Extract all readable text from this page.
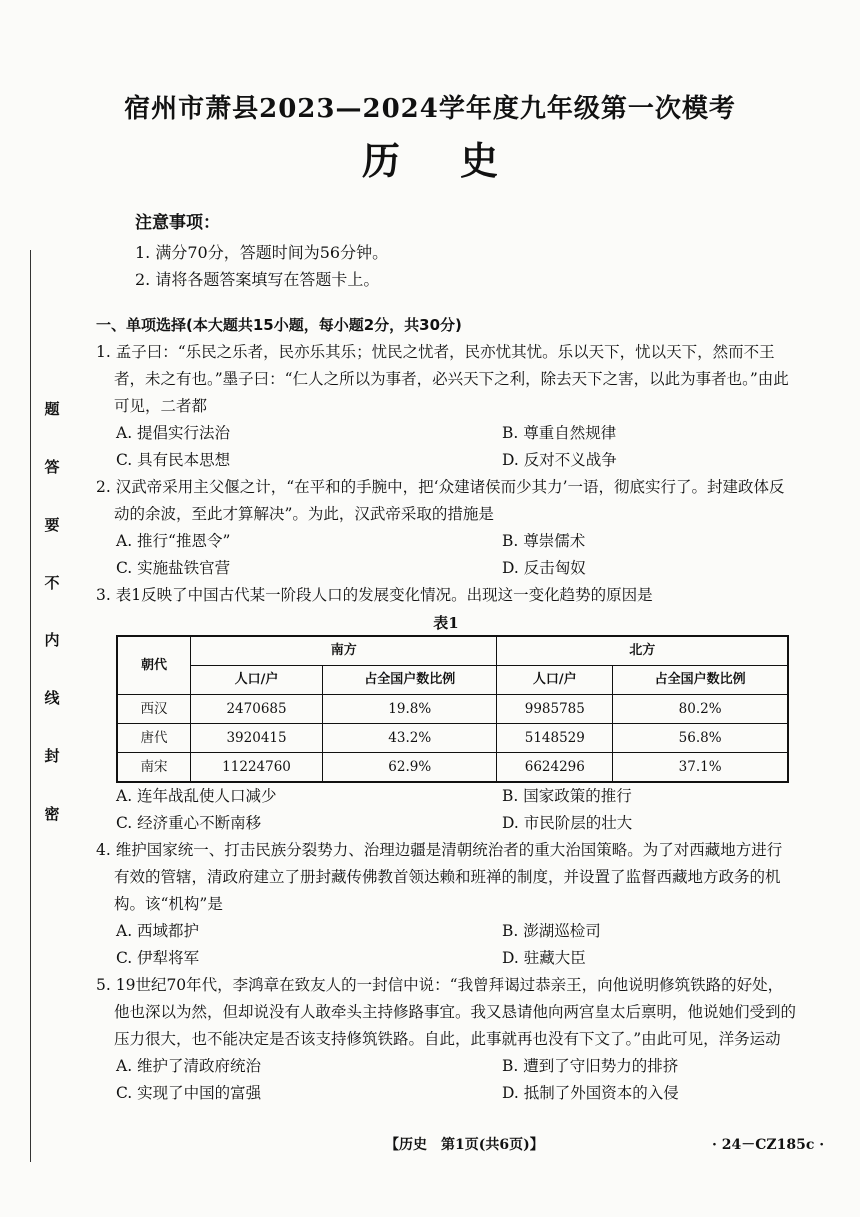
题
答
要
不
内
线
封
密
宿州市萧县2023—2024学年度九年级第一次模考
历史
注意事项：
1. 满分70分，答题时间为56分钟。
2. 请将各题答案填写在答题卡上。
一、单项选择(本大题共15小题，每小题2分，共30分)

1. 孟子曰：“乐民之乐者，民亦乐其乐；忧民之忧者，民亦忧其忧。乐以天下，忧以天下，然而不王者，未之有也。”墨子曰：“仁人之所以为事者，必兴天下之利，除去天下之害，以此为事者也。”由此可见，二者都

A. 提倡实行法治	B. 尊重自然规律
C. 具有民本思想	D. 反对不义战争

2. 汉武帝采用主父偃之计，“在平和的手腕中，把‘众建诸侯而少其力’一语，彻底实行了。封建政体反动的余波，至此才算解决”。为此，汉武帝采取的措施是

A. 推行“推恩令”	B. 尊崇儒术
C. 实施盐铁官营	D. 反击匈奴

3. 表1反映了中国古代某一阶段人口的发展变化情况。出现这一变化趋势的原因是

表1
朝代	南方		北方	
	人口/户	占全国户数比例	人口/户	占全国户数比例
西汉	2470685	19.8%	9985785	80.2%
唐代	3920415	43.2%	5148529	56.8%
南宋	11224760	62.9%	6624296	37.1%
A. 连年战乱使人口减少	B. 国家政策的推行
C. 经济重心不断南移	D. 市民阶层的壮大

4. 维护国家统一、打击民族分裂势力、治理边疆是清朝统治者的重大治国策略。为了对西藏地方进行有效的管辖，清政府建立了册封藏传佛教首领达赖和班禅的制度，并设置了监督西藏地方政务的机构。该“机构”是

A. 西域都护	B. 澎湖巡检司
C. 伊犁将军	D. 驻藏大臣

5. 19世纪70年代，李鸿章在致友人的一封信中说：“我曾拜谒过恭亲王，向他说明修筑铁路的好处，他也深以为然，但却说没有人敢牵头主持修路事宜。我又恳请他向两宫皇太后禀明，他说她们受到的压力很大，也不能决定是否该支持修筑铁路。自此，此事就再也没有下文了。”由此可见，洋务运动

A. 维护了清政府统治	B. 遭到了守旧势力的排挤
C. 实现了中国的富强	D. 抵制了外国资本的入侵
【历史　第1页(共6页)】	· 24－CZ185c ·
